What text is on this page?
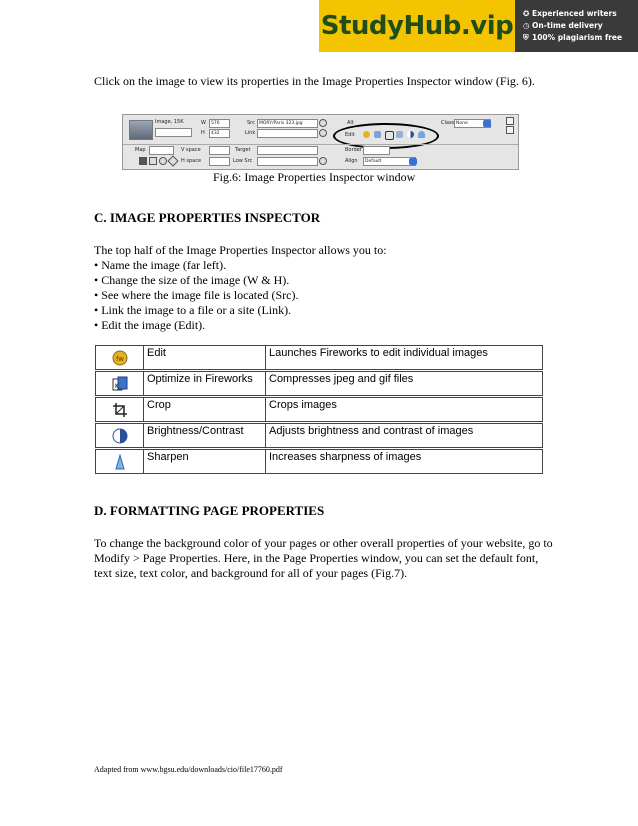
StudyHub.vip ✪ Experienced writers
◷ On-time delivery
⛨ 100% plagiarism free
Click on the image to view its properties in the Image Properties Inspector window (Fig. 6).
Image, 15K	W	576
H	432
Src MORY/Paris 323.jpg
Link
Alt
Edit
Class None
Map	V space
H space
Target
Low Src
Border
Align	Default
Fig.6: Image Properties Inspector window
C. IMAGE PROPERTIES INSPECTOR
The top half of the Image Properties Inspector allows you to:
• Name the image (far left).
• Change the size of the image (W & H).
• See where the image file is located (Src).
• Link the image to a file or a site (Link).
• Edit the image (Edit).
fw Edit	Launches Fireworks to edit individual images
K
Optimize in Fireworks	Compresses jpeg and gif files
Crop	Crops images
Brightness/Contrast	Adjusts brightness and contrast of images
Sharpen	Increases sharpness of images
D. FORMATTING PAGE PROPERTIES
To change the background color of your pages or other overall properties of your website, go to Modify > Page Properties. Here, in the Page Properties window, you can set the default font, text size, text color, and background for all of your pages (Fig.7).
Adapted from www.bgsu.edu/downloads/cio/file17760.pdf
